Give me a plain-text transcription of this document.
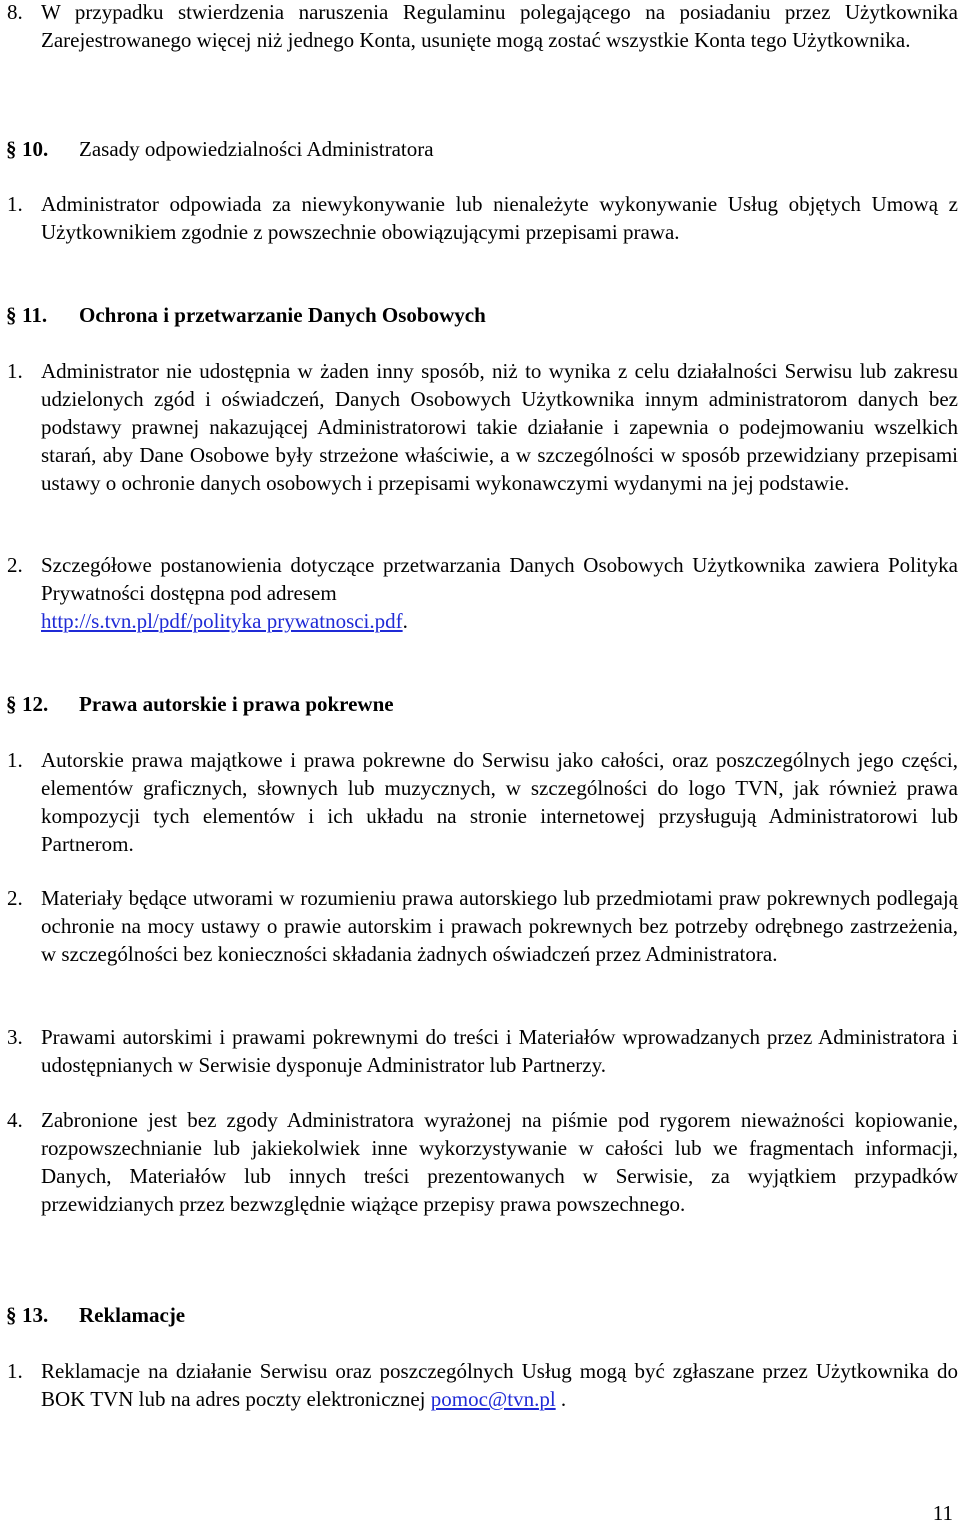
8. W przypadku stwierdzenia naruszenia Regulaminu polegającego na posiadaniu przez Użytkownika Zarejestrowanego więcej niż jednego Konta, usunięte mogą zostać wszystkie Konta tego Użytkownika.
§ 10. Zasady odpowiedzialności Administratora
1. Administrator odpowiada za niewykonywanie lub nienależyte wykonywanie Usług objętych Umową z Użytkownikiem zgodnie z powszechnie obowiązującymi przepisami prawa.
§ 11. Ochrona i przetwarzanie Danych Osobowych
1. Administrator nie udostępnia w żaden inny sposób, niż to wynika z celu działalności Serwisu lub zakresu udzielonych zgód i oświadczeń, Danych Osobowych Użytkownika innym administratorom danych bez podstawy prawnej nakazującej Administratorowi takie działanie i zapewnia o podejmowaniu wszelkich starań, aby Dane Osobowe były strzeżone właściwie, a w szczególności w sposób przewidziany przepisami ustawy o ochronie danych osobowych i przepisami wykonawczymi wydanymi na jej podstawie.
2. Szczegółowe postanowienia dotyczące przetwarzania Danych Osobowych Użytkownika zawiera Polityka Prywatności dostępna pod adresem
http://s.tvn.pl/pdf/polityka prywatnosci.pdf.
§ 12. Prawa autorskie i prawa pokrewne
1. Autorskie prawa majątkowe i prawa pokrewne do Serwisu jako całości, oraz poszczególnych jego części, elementów graficznych, słownych lub muzycznych, w szczególności do logo TVN, jak również prawa kompozycji tych elementów i ich układu na stronie internetowej przysługują Administratorowi lub Partnerom.
2. Materiały będące utworami w rozumieniu prawa autorskiego lub przedmiotami praw pokrewnych podlegają ochronie na mocy ustawy o prawie autorskim i prawach pokrewnych bez potrzeby odrębnego zastrzeżenia, w szczególności bez konieczności składania żadnych oświadczeń przez Administratora.
3. Prawami autorskimi i prawami pokrewnymi do treści i Materiałów wprowadzanych przez Administratora i udostępnianych w Serwisie dysponuje Administrator lub Partnerzy.
4. Zabronione jest bez zgody Administratora wyrażonej na piśmie pod rygorem nieważności kopiowanie, rozpowszechnianie lub jakiekolwiek inne wykorzystywanie w całości lub we fragmentach informacji, Danych, Materiałów lub innych treści prezentowanych w Serwisie, za wyjątkiem przypadków przewidzianych przez bezwzględnie wiążące przepisy prawa powszechnego.
§ 13. Reklamacje
1. Reklamacje na działanie Serwisu oraz poszczególnych Usług mogą być zgłaszane przez Użytkownika do BOK TVN lub na adres poczty elektronicznej pomoc@tvn.pl .
11
